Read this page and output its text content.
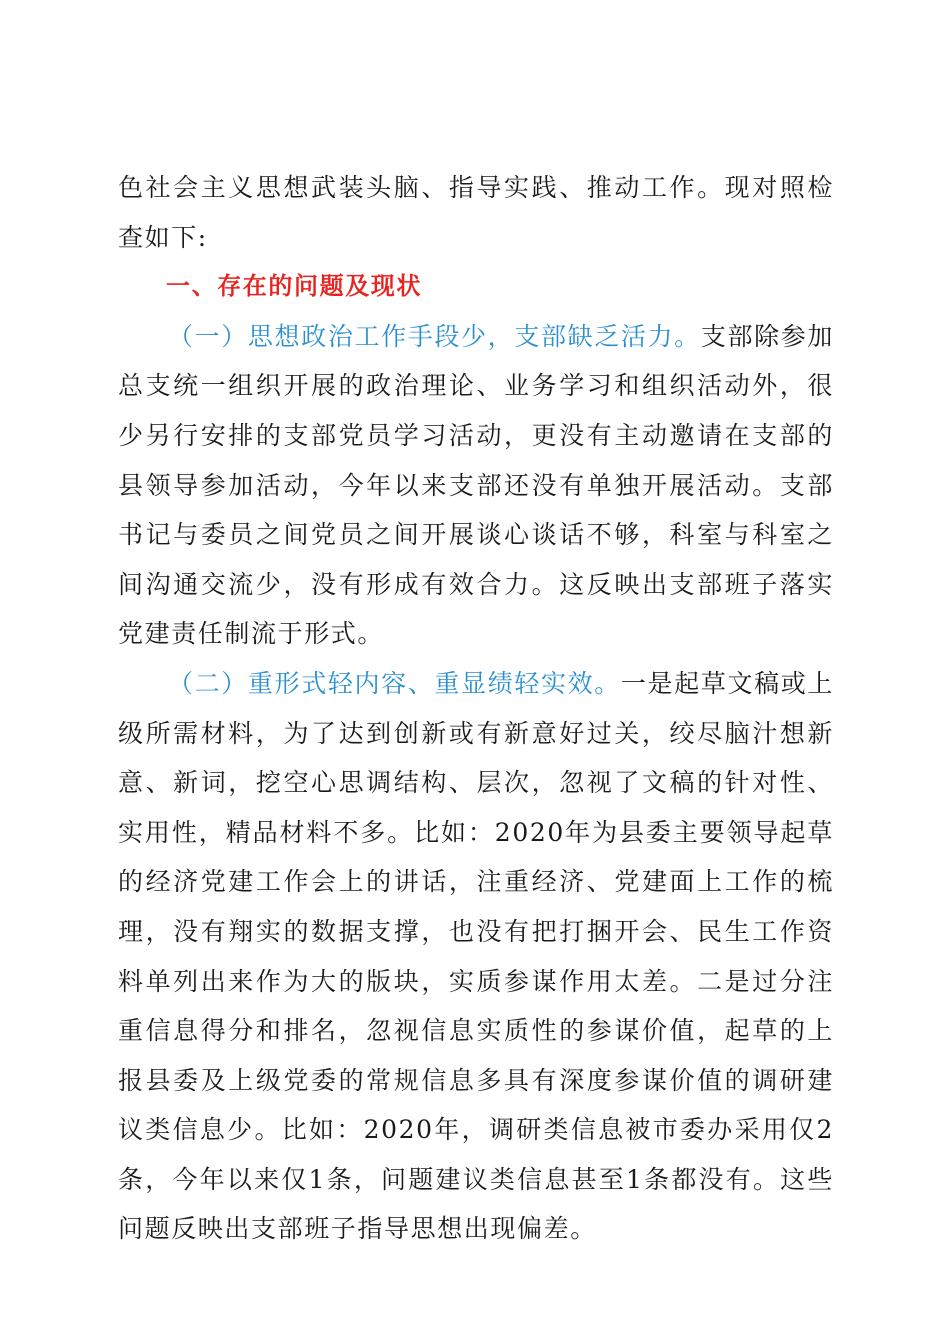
色社会主义思想武装头脑、指导实践、推动工作。现对照检查如下:

一、存在的问题及现状

（一）思想政治工作手段少，支部缺乏活力。支部除参加总支统一组织开展的政治理论、业务学习和组织活动外，很少另行安排的支部党员学习活动，更没有主动邀请在支部的县领导参加活动，今年以来支部还没有单独开展活动。支部书记与委员之间党员之间开展谈心谈话不够，科室与科室之间沟通交流少，没有形成有效合力。这反映出支部班子落实党建责任制流于形式。

（二）重形式轻内容、重显绩轻实效。一是起草文稿或上级所需材料，为了达到创新或有新意好过关，绞尽脑汁想新意、新词，挖空心思调结构、层次，忽视了文稿的针对性、实用性，精品材料不多。比如：2020年为县委主要领导起草的经济党建工作会上的讲话，注重经济、党建面上工作的梳理，没有翔实的数据支撑，也没有把打捆开会、民生工作资料单列出来作为大的版块，实质参谋作用太差。二是过分注重信息得分和排名，忽视信息实质性的参谋价值，起草的上报县委及上级党委的常规信息多具有深度参谋价值的调研建议类信息少。比如：2020年，调研类信息被市委办采用仅2条，今年以来仅1条，问题建议类信息甚至1条都没有。这些问题反映出支部班子指导思想出现偏差。
